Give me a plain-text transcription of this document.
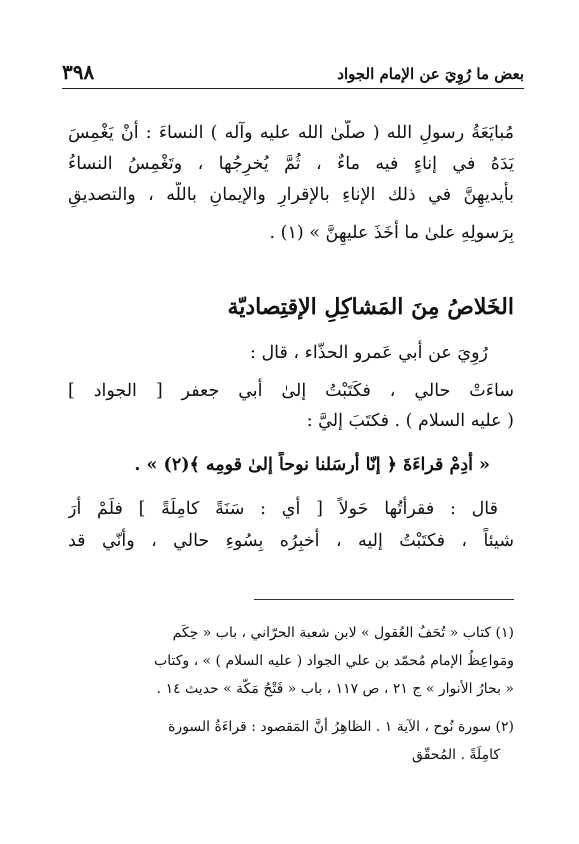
بعض ما رُوِيَ عن الإمام الجواد
٣٩٨
مُبايَعَةُ رسولِ الله ( صلّىٰ الله عليه وآله ) النساءَ : أنْ يَغْمِسَ
يَدَهُ في إناءٍ فيه ماءٌ ، ثُمَّ يُخرِجُها ، وتَغْمِسُ النساءُ
بأيديهِنَّ في ذلك الإناءِ بالإقرارِ والإيمانِ باللّه ، والتصديقِ
بِرَسولِهِ علىٰ ما أخَذَ عليهِنَّ » (١) .
الخَلاصُ مِنَ المَشاكِلِ الإقتِصاديّة
رُوِيَ عن أبي عَمرو الحذّاء ، قال :
ساءَتْ حالي ، فكَتَبْتُ إلىٰ أبي جعفر [ الجواد ]
( عليه السلام ) . فكتَبَ إليَّ :
« أدِمْ قراءَةَ ﴿ إنّا أرسَلنا نوحاً إلىٰ قومِه ﴾(٢) » .
قال : فقرأتُها حَولاً [ أي : سَنَةً كامِلَةً ] فلَمْ أرَ
شيئاً ، فكتَبْتُ إليه ، أُخبِرُه بِسُوءِ حالي ، وأنّي قد
(١) كتاب « تُحَفُ العُقول » لابن شعبة الحرّاني ، باب « حِكَم
ومَواعِظُ الإمام مُحمّد بن علي الجواد ( عليه السلام ) » ، وكتاب
« بحارُ الأنوار » ج ٢١ ، ص ١١٧ ، باب « فَتْحُ مَكّة » حديث ١٤ .
(٢) سورة نُوح ، الآية ١ . الظاهِرُ أنَّ المَقصود : قراءَةُ السورة
كامِلَةً . المُحقّق
